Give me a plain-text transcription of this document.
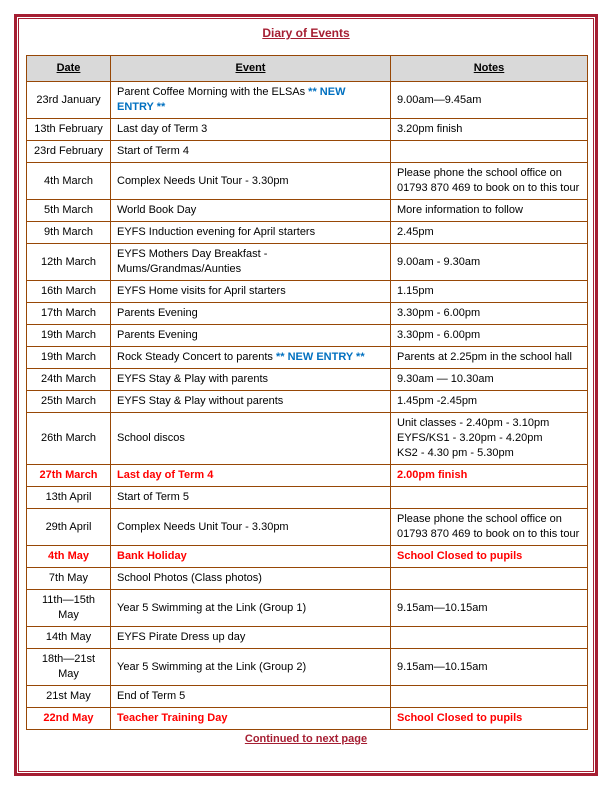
Diary of Events
Date	Event	Notes
23rd January	Parent Coffee Morning with the ELSAs ** NEW ENTRY **	9.00am—9.45am

13th February	Last day of Term 3	3.20pm finish

23rd February	Start of Term 4	
4th March	Complex Needs Unit Tour - 3.30pm	Please phone the school office on
01793 870 469 to book on to this tour

5th March	World Book Day	More information to follow

9th March	EYFS Induction evening for April starters	2.45pm

12th March	EYFS Mothers Day Breakfast - Mums/Grandmas/Aunties	9.00am - 9.30am

16th March	EYFS Home visits for April starters	1.15pm

17th March	Parents Evening	3.30pm - 6.00pm

19th March	Parents Evening	3.30pm - 6.00pm

19th March	Rock Steady Concert to parents ** NEW ENTRY **	Parents at 2.25pm in the school hall

24th March	EYFS Stay & Play with parents	9.30am — 10.30am

25th March	EYFS Stay & Play without parents	1.45pm -2.45pm

26th March	School discos	Unit classes - 2.40pm - 3.10pm
EYFS/KS1 - 3.20pm - 4.20pm
KS2 - 4.30 pm - 5.30pm

27th March	Last day of Term 4	2.00pm finish

13th April	Start of Term 5	
29th April	Complex Needs Unit Tour - 3.30pm	Please phone the school office on
01793 870 469 to book on to this tour

4th May	Bank Holiday	School Closed to pupils

7th May	School Photos (Class photos)	
11th—15th May	Year 5 Swimming at the Link (Group 1)	9.15am—10.15am

14th May	EYFS Pirate Dress up day	
18th—21st May	Year 5 Swimming at the Link (Group 2)	9.15am—10.15am

21st May	End of Term 5	
22nd May	Teacher Training Day	School Closed to pupils
Continued to next page
